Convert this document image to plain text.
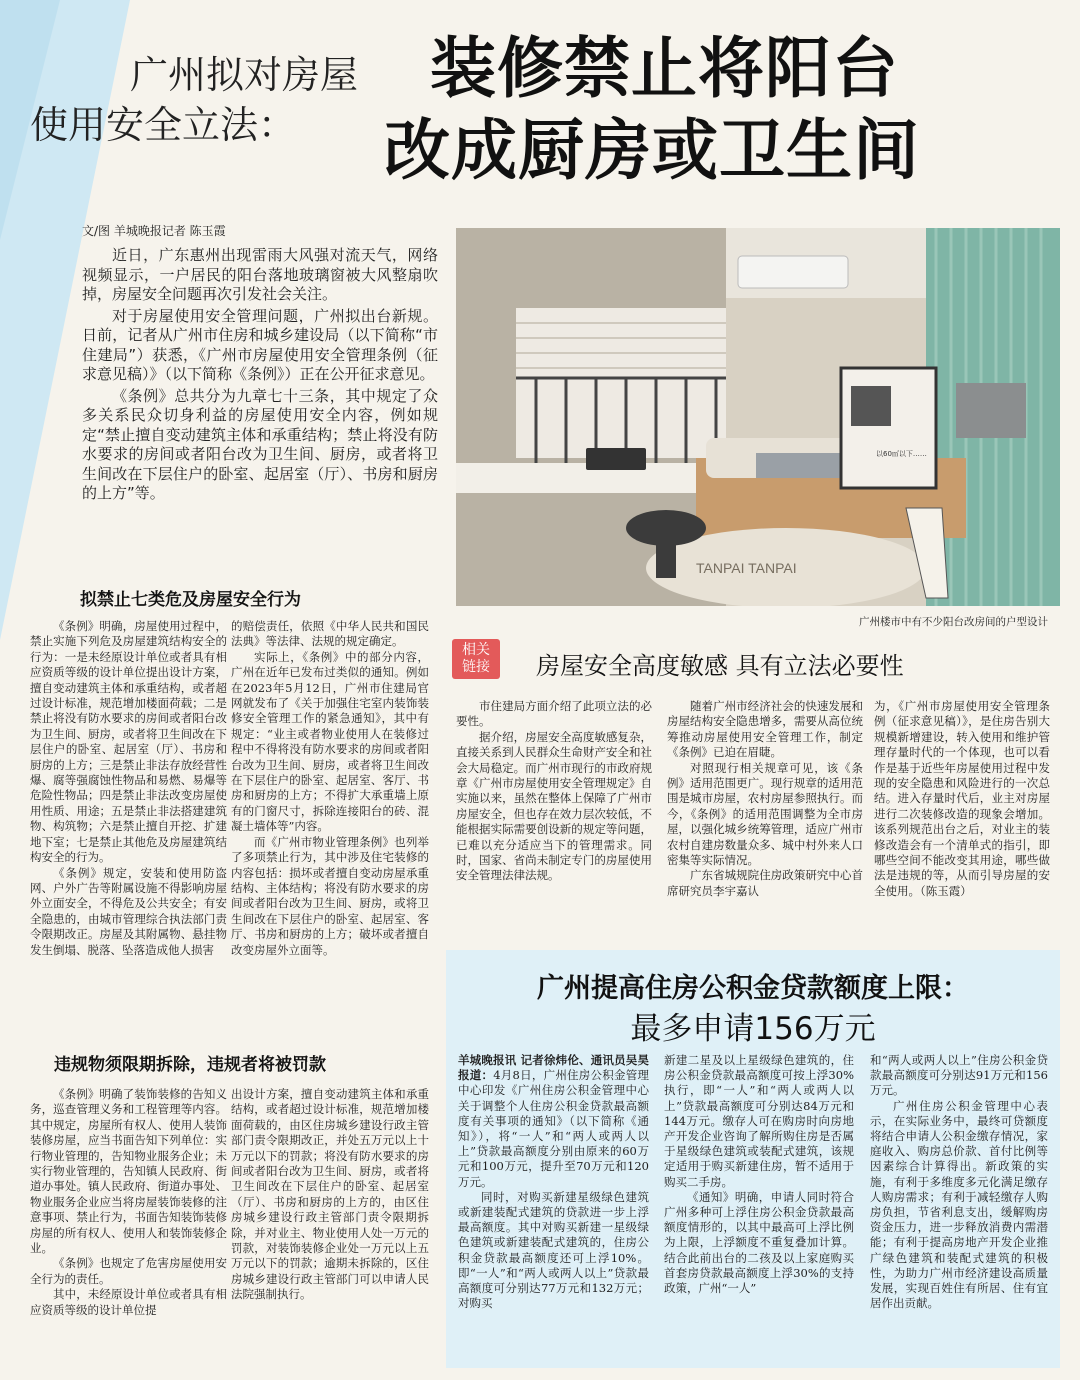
广州拟对房屋
使用安全立法：
装修禁止将阳台
改成厨房或卫生间
文/图 羊城晚报记者 陈玉霞

近日，广东惠州出现雷雨大风强对流天气，网络视频显示，一户居民的阳台落地玻璃窗被大风整扇吹掉，房屋安全问题再次引发社会关注。

对于房屋使用安全管理问题，广州拟出台新规。日前，记者从广州市住房和城乡建设局（以下简称“市住建局”）获悉，《广州市房屋使用安全管理条例（征求意见稿）》（以下简称《条例》）正在公开征求意见。

《条例》总共分为九章七十三条，其中规定了众多关系民众切身利益的房屋使用安全内容，例如规定“禁止擅自变动建筑主体和承重结构；禁止将没有防水要求的房间或者阳台改为卫生间、厨房，或者将卫生间改在下层住户的卧室、起居室（厅）、书房和厨房的上方”等。

以60㎡以下……
TANPAI TANPAI
广州楼市中有不少阳台改房间的户型设计
拟禁止七类危及房屋安全行为

《条例》明确，房屋使用过程中，禁止实施下列危及房屋建筑结构安全的行为：一是未经原设计单位或者具有相应资质等级的设计单位提出设计方案，擅自变动建筑主体和承重结构，或者超过设计标准，规范增加楼面荷载；二是禁止将没有防水要求的房间或者阳台改为卫生间、厨房，或者将卫生间改在下层住户的卧室、起居室（厅）、书房和厨房的上方；三是禁止非法存放经营性爆、腐等强腐蚀性物品和易燃、易爆等危险性物品；四是禁止非法改变房屋使用性质、用途；五是禁止非法搭建建筑物、构筑物；六是禁止擅自开挖、扩建地下室；七是禁止其他危及房屋建筑结构安全的行为。

《条例》规定，安装和使用防盗网、户外广告等附属设施不得影响房屋外立面安全，不得危及公共安全；有安全隐患的，由城市管理综合执法部门责令限期改正。房屋及其附属物、悬挂物发生倒塌、脱落、坠落造成他人损害

的赔偿责任，依照《中华人民共和国民法典》等法律、法规的规定确定。

实际上，《条例》中的部分内容，广州在近年已发布过类似的通知。例如在2023年5月12日，广州市住建局官网就发布了《关于加强住宅室内装饰装修安全管理工作的紧急通知》，其中有规定：“业主或者物业使用人在装修过程中不得将没有防水要求的房间或者阳台改为卫生间、厨房，或者将卫生间改在下层住户的卧室、起居室、客厅、书房和厨房的上方；不得扩大承重墙上原有的门窗尺寸，拆除连接阳台的砖、混凝土墙体等”内容。

而《广州市物业管理条例》也列举了多项禁止行为，其中涉及住宅装修的内容包括：损坏或者擅自变动房屋承重结构、主体结构；将没有防水要求的房间或者阳台改为卫生间、厨房，或将卫生间改在下层住户的卧室、起居室、客厅、书房和厨房的上方；破坏或者擅自改变房屋外立面等。

相关
链接	房屋安全高度敏感 具有立法必要性

市住建局方面介绍了此项立法的必要性。

据介绍，房屋安全高度敏感复杂，直接关系到人民群众生命财产安全和社会大局稳定。而广州市现行的市政府规章《广州市房屋使用安全管理规定》自实施以来，虽然在整体上保障了广州市房屋安全，但也存在效力层次较低，不能根据实际需要创设新的规定等问题，已难以充分适应当下的管理需求。同时，国家、省尚未制定专门的房屋使用安全管理法律法规。

随着广州市经济社会的快速发展和房屋结构安全隐患增多，需要从高位统筹推动房屋使用安全管理工作，制定《条例》已迫在眉睫。

对照现行相关规章可见，该《条例》适用范围更广。现行规章的适用范围是城市房屋，农村房屋参照执行。而今，《条例》的适用范围调整为全市房屋，以强化城乡统筹管理，适应广州市农村自建房数量众多、城中村外来人口密集等实际情况。

广东省城规院住房政策研究中心首席研究员李宇嘉认

为，《广州市房屋使用安全管理条例（征求意见稿）》，是住房告别大规模新增建设，转入使用和维护管理存量时代的一个体现，也可以看作是基于近些年房屋使用过程中发现的安全隐患和风险进行的一次总结。进入存量时代后，业主对房屋进行二次装修改造的现象会增加。该系列规范出台之后，对业主的装修改造会有一个清单式的指引，即哪些空间不能改变其用途，哪些做法是违规的等，从而引导房屋的安全使用。（陈玉霞）

违规物须限期拆除，违规者将被罚款

《条例》明确了装饰装修的告知义务，巡查管理义务和工程管理等内容。其中规定，房屋所有权人、使用人装饰装修房屋，应当书面告知下列单位：实行物业管理的，告知物业服务企业；未实行物业管理的，告知镇人民政府、街道办事处。镇人民政府、街道办事处、物业服务企业应当将房屋装饰装修的注意事项、禁止行为，书面告知装饰装修房屋的所有权人、使用人和装饰装修企业。

《条例》也规定了危害房屋使用安全行为的责任。

其中，未经原设计单位或者具有相应资质等级的设计单位提

出设计方案，擅自变动建筑主体和承重结构，或者超过设计标准，规范增加楼面荷载的，由区住房城乡建设行政主管部门责令限期改正，并处五万元以上十万元以下的罚款；将没有防水要求的房间或者阳台改为卫生间、厨房，或者将卫生间改在下层住户的卧室、起居室（厅）、书房和厨房的上方的，由区住房城乡建设行政主管部门责令限期拆除，并对业主、物业使用人处一万元的罚款，对装饰装修企业处一万元以上五万元以下的罚款；逾期未拆除的，区住房城乡建设行政主管部门可以申请人民法院强制执行。

广州提高住房公积金贷款额度上限：
最多申请156万元

羊城晚报讯 记者徐炜伦、通讯员吴昊报道：4月8日，广州住房公积金管理中心印发《广州住房公积金管理中心关于调整个人住房公积金贷款最高额度有关事项的通知》（以下简称《通知》），将“一人”和“两人或两人以上”贷款最高额度分别由原来的60万元和100万元，提升至70万元和120万元。

同时，对购买新建星级绿色建筑或新建装配式建筑的贷款进一步上浮最高额度。其中对购买新建一星级绿色建筑或新建装配式建筑的，住房公积金贷款最高额度还可上浮10%。即“一人”和“两人或两人以上”贷款最高额度可分别达77万元和132万元；对购买

新建二星及以上星级绿色建筑的，住房公积金贷款最高额度可按上浮30%执行，即“一人”和“两人或两人以上”贷款最高额度可分别达84万元和144万元。缴存人可在购房时向房地产开发企业咨询了解所购住房是否属于星级绿色建筑或装配式建筑，该规定适用于购买新建住房，暂不适用于购买二手房。

《通知》明确，申请人同时符合广州多种可上浮住房公积金贷款最高额度情形的，以其中最高可上浮比例为上限，上浮额度不重复叠加计算。结合此前出台的二孩及以上家庭购买首套房贷款最高额度上浮30%的支持政策，广州“一人”

和“两人或两人以上”住房公积金贷款最高额度可分别达91万元和156万元。

广州住房公积金管理中心表示，在实际业务中，最终可贷额度将结合申请人公积金缴存情况，家庭收入、购房总价款、首付比例等因素综合计算得出。新政策的实施，有利于多维度多元化满足缴存人购房需求；有利于减轻缴存人购房负担，节省利息支出，缓解购房资金压力，进一步释放消费内需潜能；有利于提高房地产开发企业推广绿色建筑和装配式建筑的积极性，为助力广州市经济建设高质量发展，实现百姓住有所居、住有宜居作出贡献。
